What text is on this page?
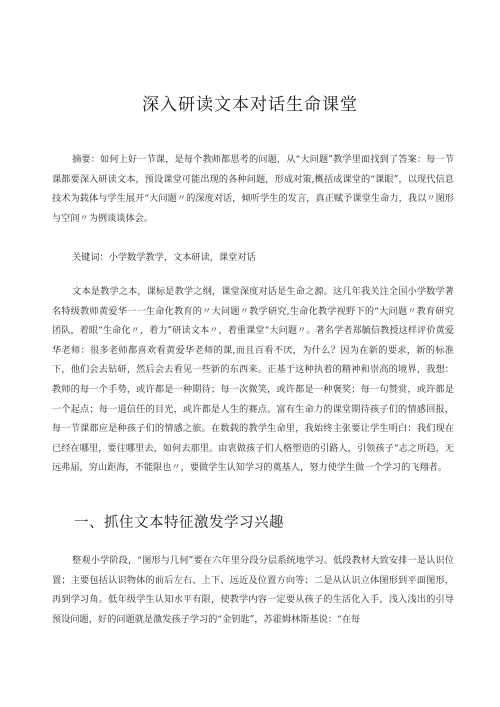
深入研读文本对话生命课堂
摘要：如何上好一节课，是每个教师都思考的问题，从“大问题”教学里面找到了答案：每一节课都要深入研读文本，预设课堂可能出现的各种问题，形成对策,概括成课堂的“课眼”，以现代信息技术为载体与学生展开“大问题〃的深度对话，倾听学生的发言，真正赋予课堂生命力，我以〃图形与空间〃为例谈谈体会。
关键词：小学数学教学，文本研读，课堂对话
文本是教学之本，课标是教学之纲，课堂深度对话是生命之源。这几年我关注全国小学数学著名特级教师黄爱华一一生命化教育的〃大问题〃教学研究,生命化教学视野下的“大问题〃教育研究团队，着眼“生命化〃，着力”研读文本〃，着重课堂“大问题〃。著名学者郑毓信教授这样评价黄爱华老师：很多老师都喜欢看黄爱华老师的课,而且百看不厌，为什么？因为在新的要求，新的标准下，他们会去钻研，然后会去看见一些新的东西来。正基于这种执着的精神和崇高的境界，我想：教师的每一个手势，或许都是一种期待；每一次微笑，或许都是一种褒奖；每一句赞赏，或许都是一个起点；每一道信任的目光，或许都是人生的赛点。富有生命力的课堂期待孩子们的情感回报，每一节课都应是种孩子们的情感之旅。在数载的教学生命里，我始终主张要让学生明白：我们现在已经在哪里，要往哪里去，如何去那里。由衷做孩子们人格塑造的引路人，引领孩子“志之所趋，无远弗届，穷山距海，不能限也〃，要做学生认知学习的奠基人，努力使学生做一个学习的飞翔者。
一、抓住文本特征激发学习兴趣
整观小学阶段，“图形与几何”要在六年里分段分层系统地学习。低段教材大致安排一是认识位置；主要包括认识物体的前后左右、上下、远近及位置方向等；二是从认识立体图形到平面图形，再到学习角。低年级学生认知水平有限，使教学内容一定要从孩子的生活化入手，浅入浅出的引导预设问题，好的问题就是激发孩子学习的“金钥匙”，苏霍姆林斯基说：“在每
